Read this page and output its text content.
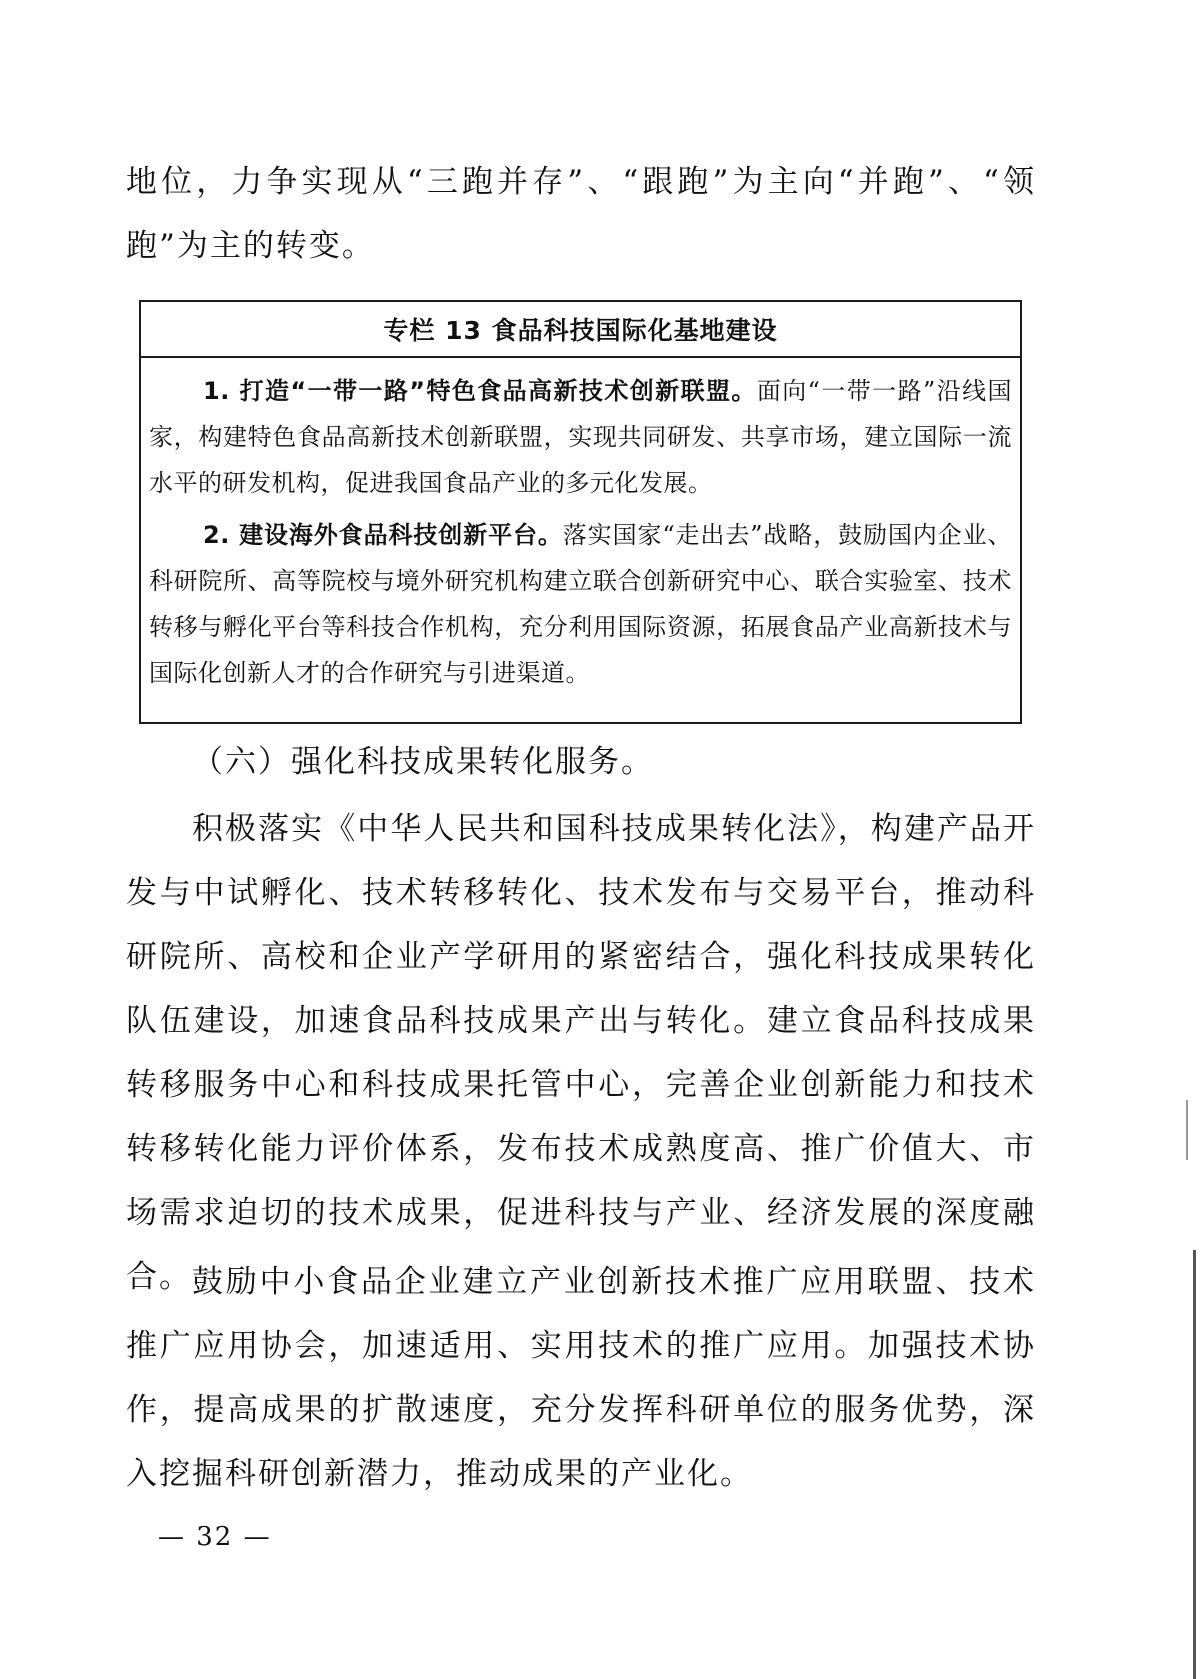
地位，力争实现从“三跑并存”、“跟跑”为主向“并跑”、“领跑”为主的转变。

专栏 13 食品科技国际化基地建设

1. 打造“一带一路”特色食品高新技术创新联盟。面向“一带一路”沿线国家，构建特色食品高新技术创新联盟，实现共同研发、共享市场，建立国际一流水平的研发机构，促进我国食品产业的多元化发展。

2. 建设海外食品科技创新平台。落实国家“走出去”战略，鼓励国内企业、科研院所、高等院校与境外研究机构建立联合创新研究中心、联合实验室、技术转移与孵化平台等科技合作机构，充分利用国际资源，拓展食品产业高新技术与国际化创新人才的合作研究与引进渠道。

（六）强化科技成果转化服务。

积极落实《中华人民共和国科技成果转化法》，构建产品开发与中试孵化、技术转移转化、技术发布与交易平台，推动科研院所、高校和企业产学研用的紧密结合，强化科技成果转化队伍建设，加速食品科技成果产出与转化。建立食品科技成果转移服务中心和科技成果托管中心，完善企业创新能力和技术转移转化能力评价体系，发布技术成熟度高、推广价值大、市场需求迫切的技术成果，促进科技与产业、经济发展的深度融合。 鼓励中小食品企业建立产业创新技术推广应用联盟、技术推广应用协会，加速适用、实用技术的推广应用。加强技术协作，提高成果的扩散速度，充分发挥科研单位的服务优势，深入挖掘科研创新潜力，推动成果的产业化。

— 32 —
